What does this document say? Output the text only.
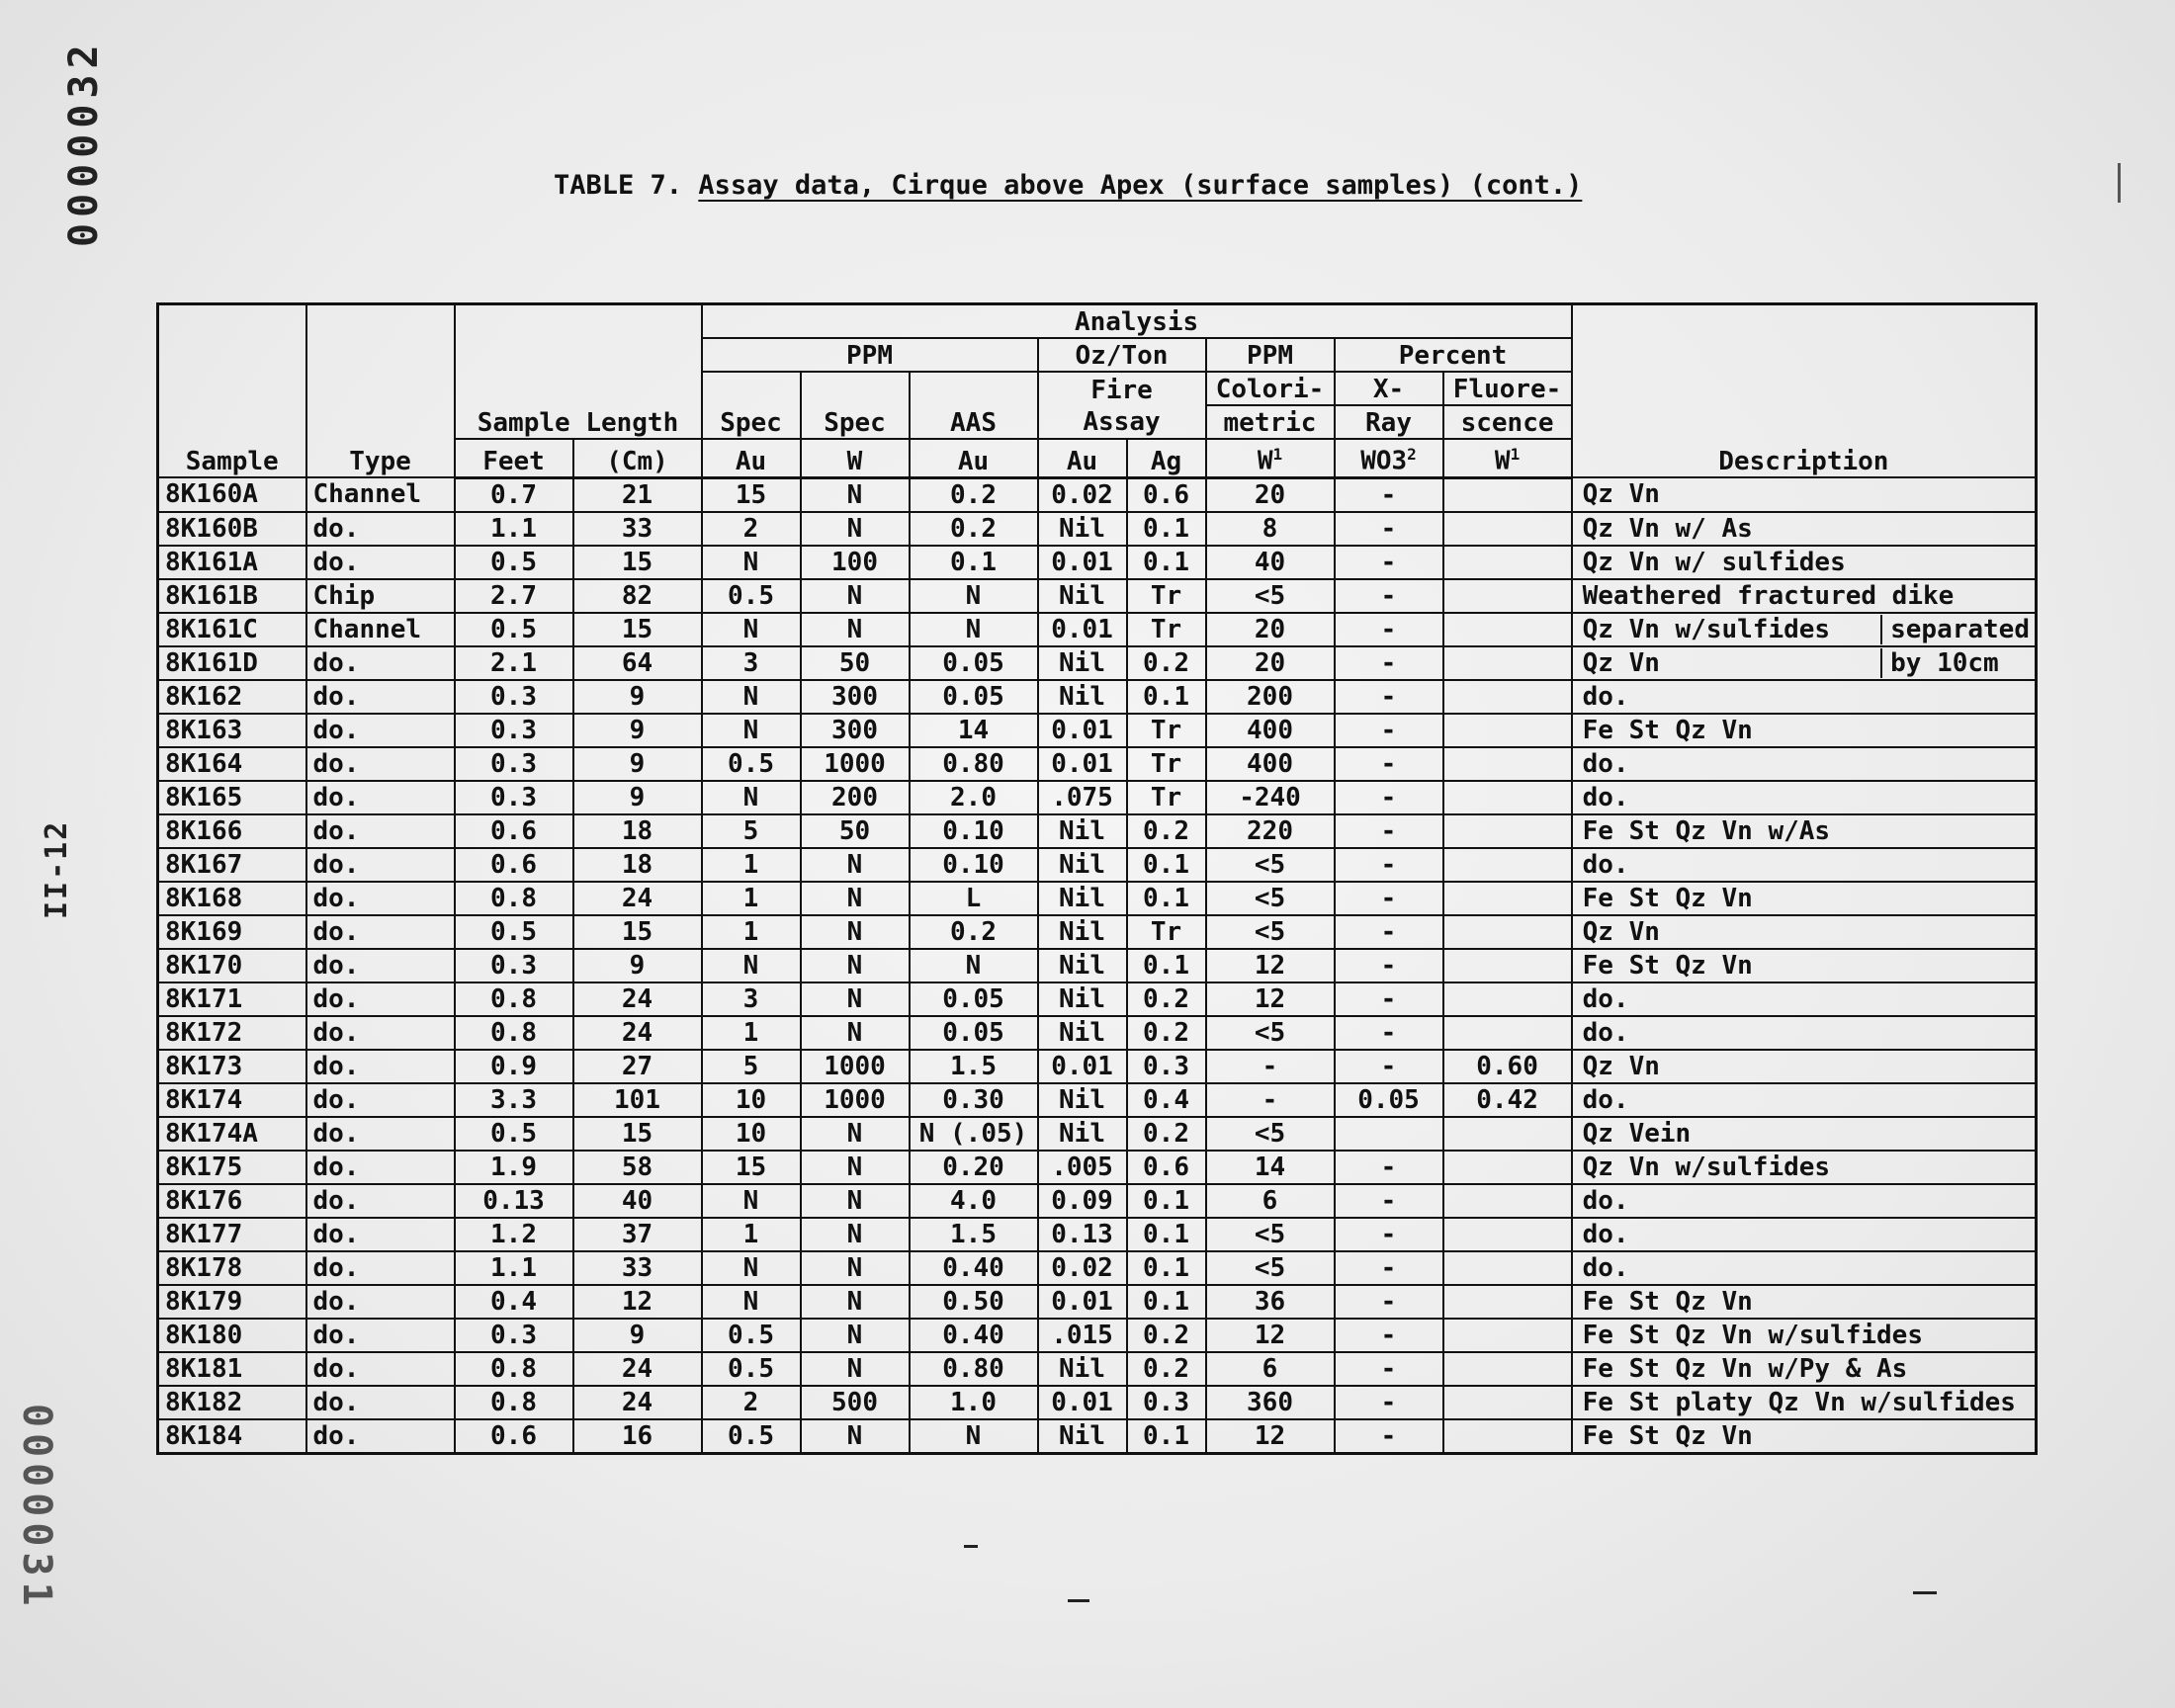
0000032
0000031
II-12
TABLE 7. Assay data, Cirque above Apex (surface samples) (cont.)
Sample	Type	Sample Length		Analysis								Description
				PPM			Oz/Ton		PPM	Percent		
				Spec	Spec	AAS	Fire Assay		Colori-	X-	Fluore-	
									metric	Ray	scence	
		Feet	(Cm)	Au	W	Au	Au	Ag	$W^1$	$WO3^2$	$W^1$
8K160A	Channel	0.7	21	15	N	0.2	0.02	0.6	20	-		Qz Vn
8K160B	do.	1.1	33	2	N	0.2	Nil	0.1	8	-		Qz Vn w/ As
8K161A	do.	0.5	15	N	100	0.1	0.01	0.1	40	-		Qz Vn w/ sulfides
8K161B	Chip	2.7	82	0.5	N	N	Nil	Tr	<5	-		Weathered fractured dike
8K161C	Channel	0.5	15	N	N	N	0.01	Tr	20	-		Qz Vn w/sulfides separated

8K161D	do.	2.1	64	3	50	0.05	Nil	0.2	20	-		Qz Vn by 10cm

8K162	do.	0.3	9	N	300	0.05	Nil	0.1	200	-		do.
8K163	do.	0.3	9	N	300	14	0.01	Tr	400	-		Fe St Qz Vn
8K164	do.	0.3	9	0.5	1000	0.80	0.01	Tr	400	-		do.
8K165	do.	0.3	9	N	200	2.0	.075	Tr	-240	-		do.
8K166	do.	0.6	18	5	50	0.10	Nil	0.2	220	-		Fe St Qz Vn w/As
8K167	do.	0.6	18	1	N	0.10	Nil	0.1	<5	-		do.
8K168	do.	0.8	24	1	N	L	Nil	0.1	<5	-		Fe St Qz Vn
8K169	do.	0.5	15	1	N	0.2	Nil	Tr	<5	-		Qz Vn
8K170	do.	0.3	9	N	N	N	Nil	0.1	12	-		Fe St Qz Vn
8K171	do.	0.8	24	3	N	0.05	Nil	0.2	12	-		do.
8K172	do.	0.8	24	1	N	0.05	Nil	0.2	<5	-		do.
8K173	do.	0.9	27	5	1000	1.5	0.01	0.3	-	-	0.60	Qz Vn
8K174	do.	3.3	101	10	1000	0.30	Nil	0.4	-	0.05	0.42	do.
8K174A	do.	0.5	15	10	N	N (.05)	Nil	0.2	<5			Qz Vein
8K175	do.	1.9	58	15	N	0.20	.005	0.6	14	-		Qz Vn w/sulfides
8K176	do.	0.13	40	N	N	4.0	0.09	0.1	6	-		do.
8K177	do.	1.2	37	1	N	1.5	0.13	0.1	<5	-		do.
8K178	do.	1.1	33	N	N	0.40	0.02	0.1	<5	-		do.
8K179	do.	0.4	12	N	N	0.50	0.01	0.1	36	-		Fe St Qz Vn
8K180	do.	0.3	9	0.5	N	0.40	.015	0.2	12	-		Fe St Qz Vn w/sulfides
8K181	do.	0.8	24	0.5	N	0.80	Nil	0.2	6	-		Fe St Qz Vn w/Py & As
8K182	do.	0.8	24	2	500	1.0	0.01	0.3	360	-		Fe St platy Qz Vn w/sulfides
8K184	do.	0.6	16	0.5	N	N	Nil	0.1	12	-		Fe St Qz Vn
